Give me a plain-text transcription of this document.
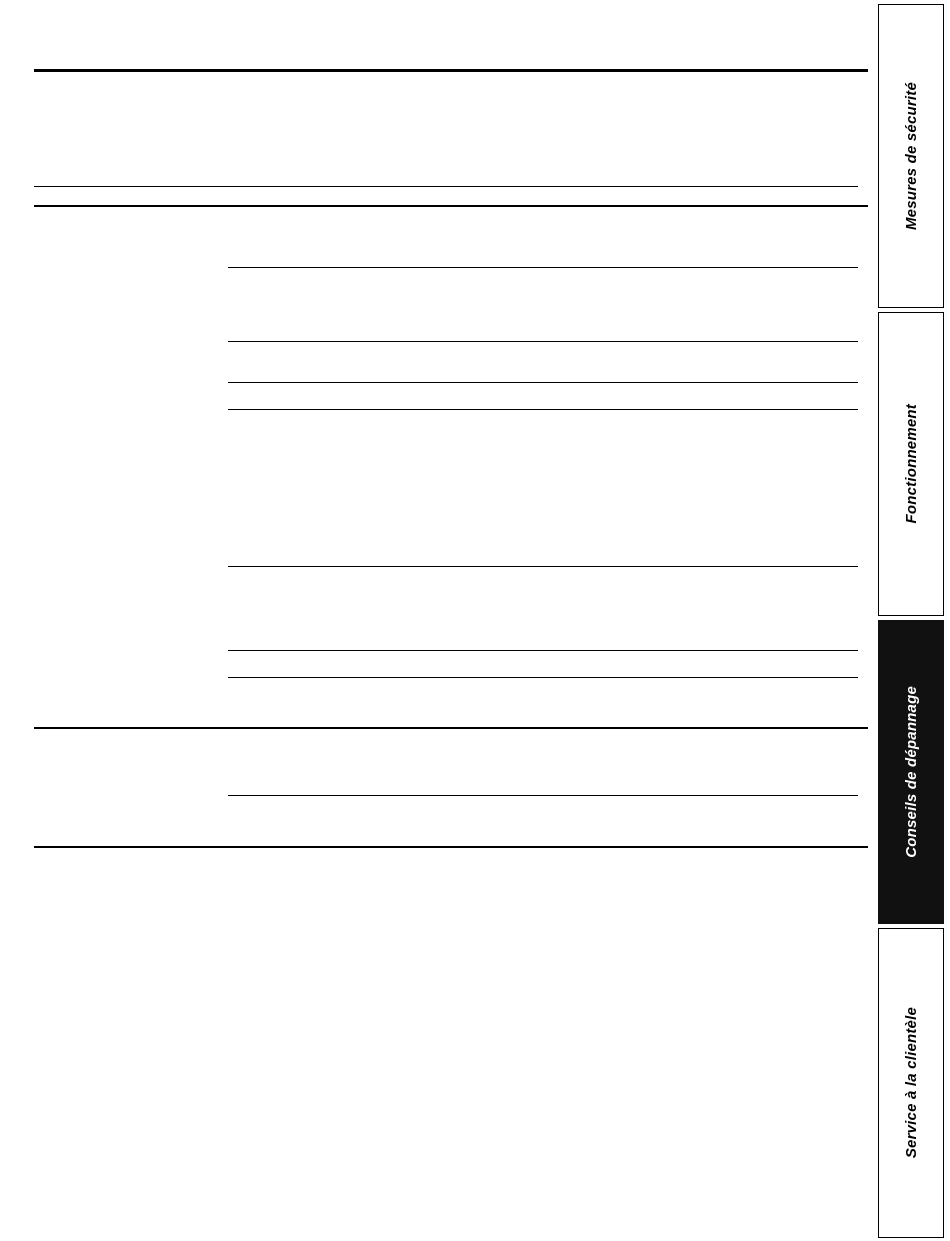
Mesures de sécurité
Fonctionnement
Conseils de dépannage
Service à la clientèle
